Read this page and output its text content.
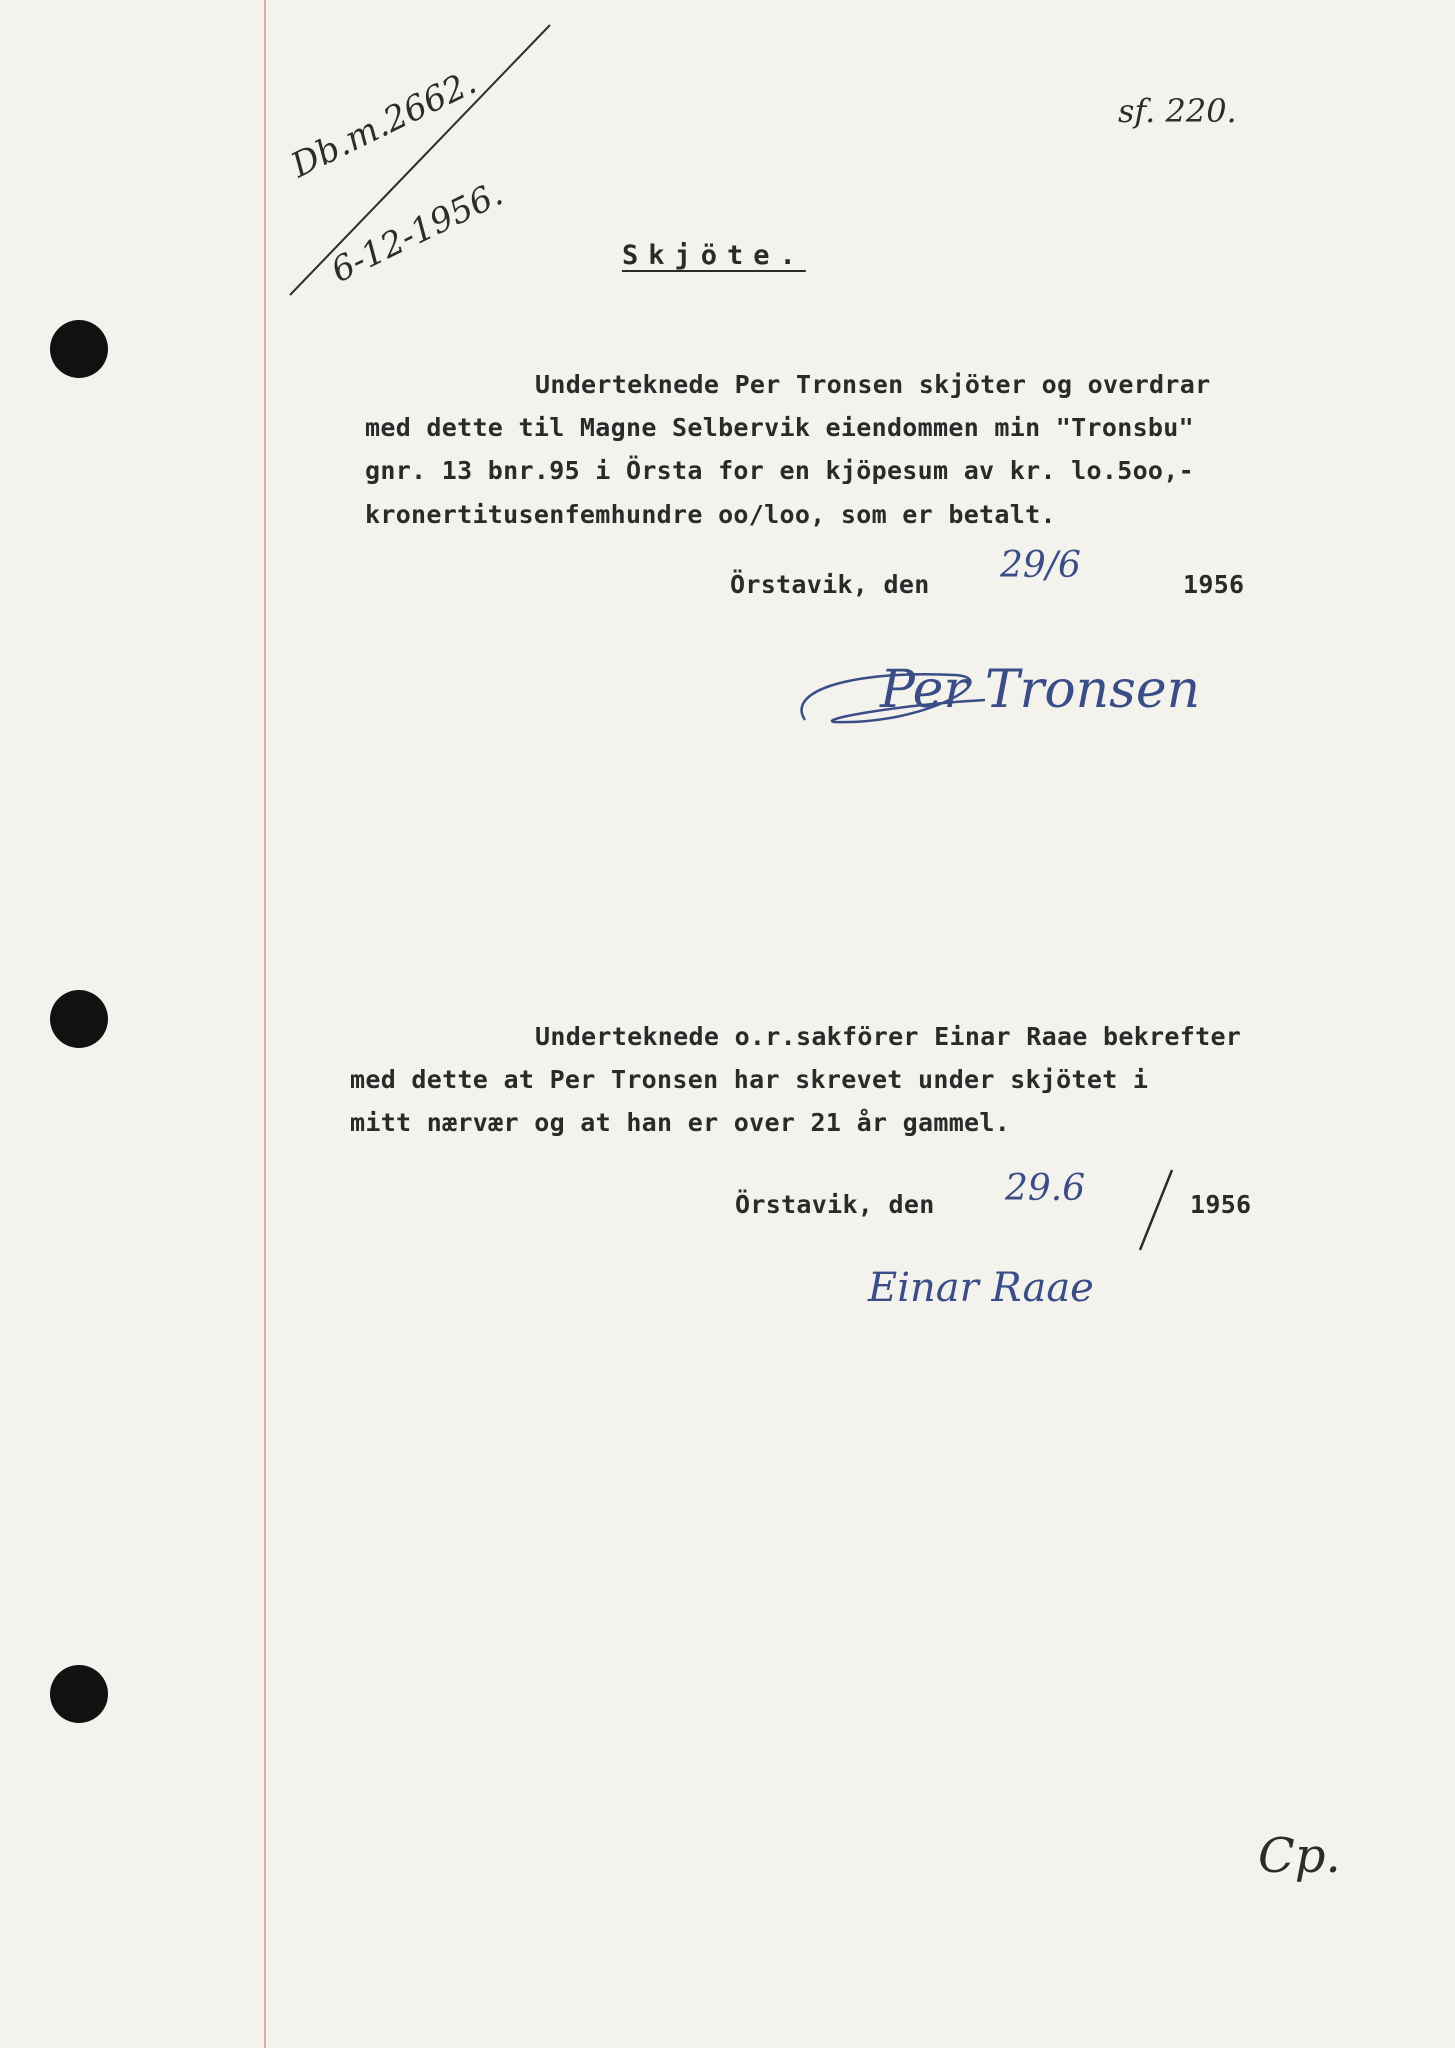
Db.m.2662.
6-12-1956.
sf. 220.
Skjöte.
Underteknede Per Tronsen skjöter og overdrar
med dette til Magne Selbervik eiendommen min "Tronsbu"
gnr. 13 bnr.95 i Örsta for en kjöpesum av kr. lo.5oo,-
kronertitusenfemhundre oo/loo, som er betalt.
Örstavik, den 29/6	1956
Per Tronsen
Underteknede o.r.sakförer Einar Raae bekrefter
med dette at Per Tronsen har skrevet under skjötet i
mitt nærvær og at han er over 21 år gammel.
Örstavik, den 29.6	1956
Einar Raae
Cp.
